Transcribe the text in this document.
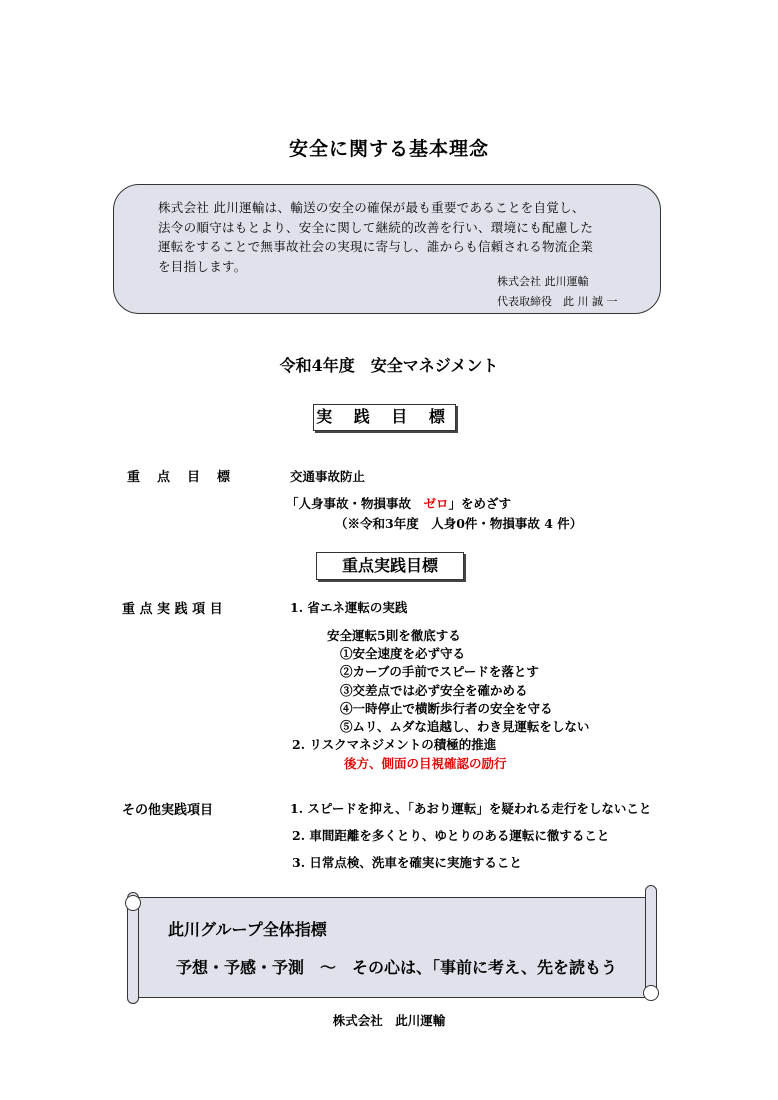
安全に関する基本理念

株式会社 此川運輸は、輸送の安全の確保が最も重要であることを自覚し、

法令の順守はもとより、安全に関して継続的改善を行い、環境にも配慮した

運転をすることで無事故社会の実現に寄与し、誰からも信頼される物流企業

を目指します。

株式会社 此川運輸
代表取締役　此 川 誠 一
令和4年度　安全マネジメント
実 践 目 標
重　点　目　標	交通事故防止
「人身事故・物損事故　ゼロ」をめざす
（※令和3年度　人身0件・物損事故 4 件）
重点実践目標
重 点 実 践 項 目	1. 省エネ運転の実践
安全運転5則を徹底する
①安全速度を必ず守る
②カーブの手前でスピードを落とす
③交差点では必ず安全を確かめる
④一時停止で横断歩行者の安全を守る
⑤ムリ、ムダな追越し、わき見運転をしない
2. リスクマネジメントの積極的推進
後方、側面の目視確認の励行
その他実践項目	1. スピードを抑え、「あおり運転」を疑われる走行をしないこと
2. 車間距離を多くとり、ゆとりのある運転に徹すること
3. 日常点検、洗車を確実に実施すること
此川グループ全体指標
予想・予感・予測　～　その心は、「事前に考え、先を読もう
株式会社　此川運輸
